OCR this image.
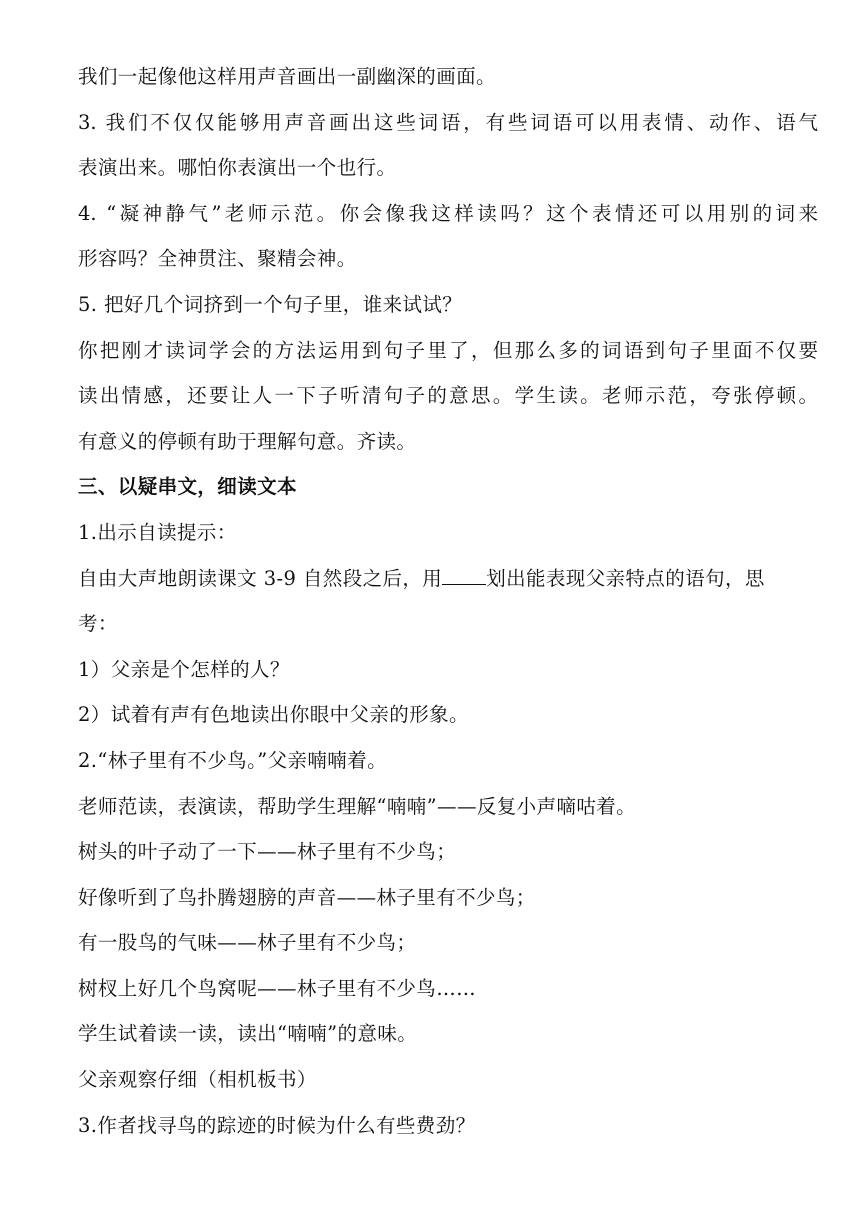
我们一起像他这样用声音画出一副幽深的画面。
3. 我们不仅仅能够用声音画出这些词语，有些词语可以用表情、动作、语气
表演出来。哪怕你表演出一个也行。
4. “凝神静气”老师示范。你会像我这样读吗？这个表情还可以用别的词来
形容吗？全神贯注、聚精会神。
5. 把好几个词挤到一个句子里，谁来试试？
你把刚才读词学会的方法运用到句子里了，但那么多的词语到句子里面不仅要
读出情感，还要让人一下子听清句子的意思。学生读。老师示范，夸张停顿。
有意义的停顿有助于理解句意。齐读。
三、以疑串文，细读文本
1.出示自读提示：
自由大声地朗读课文 3-9 自然段之后，用 划出能表现父亲特点的语句，思
考：
1）父亲是个怎样的人？
2）试着有声有色地读出你眼中父亲的形象。
2.“林子里有不少鸟。”父亲喃喃着。
老师范读，表演读，帮助学生理解“喃喃”——反复小声嘀咕着。
树头的叶子动了一下——林子里有不少鸟；
好像听到了鸟扑腾翅膀的声音——林子里有不少鸟；
有一股鸟的气味——林子里有不少鸟；
树杈上好几个鸟窝呢——林子里有不少鸟……
学生试着读一读，读出“喃喃”的意味。
父亲观察仔细（相机板书）
3.作者找寻鸟的踪迹的时候为什么有些费劲？
